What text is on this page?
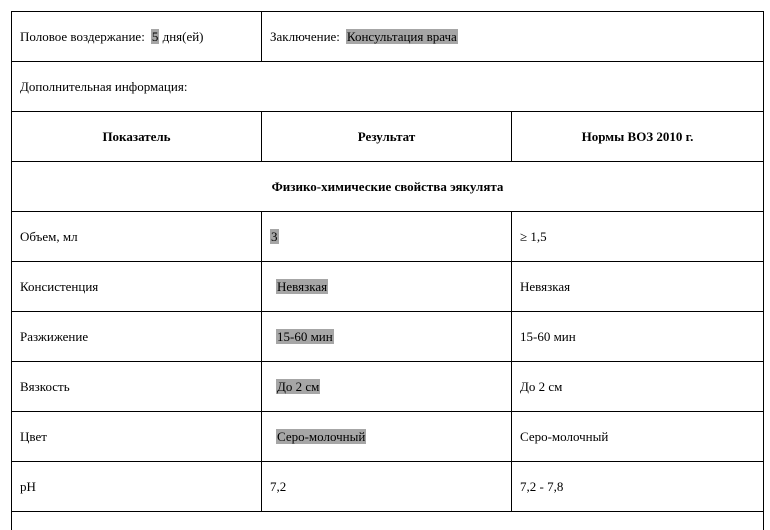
Половое воздержание: 5 дня(ей)	Заключение: Консультация врача	
Дополнительная информация:		
Показатель	Результат	Нормы ВОЗ 2010 г.
Физико-химические свойства эякулята		
Объем, мл	3	≥ 1,5
Консистенция	Невязкая	Невязкая
Разжижение	15-60 мин	15-60 мин
Вязкость	До 2 см	До 2 см
Цвет	Серо-молочный	Серо-молочный
pH	7,2	7,2 - 7,8
